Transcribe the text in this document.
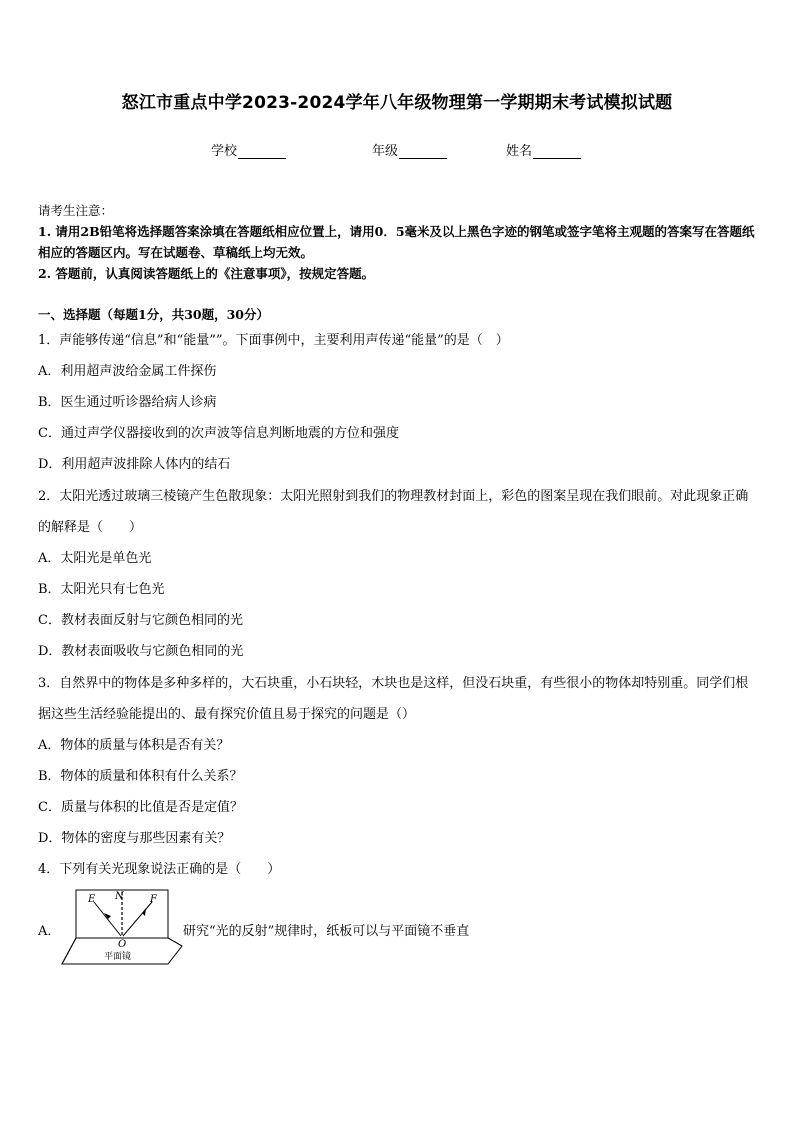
怒江市重点中学2023-2024学年八年级物理第一学期期末考试模拟试题
学校	年级	姓名
请考生注意：
1. 请用2B铅笔将选择题答案涂填在答题纸相应位置上，请用0．5毫米及以上黑色字迹的钢笔或签字笔将主观题的答案写在答题纸相应的答题区内。写在试题卷、草稿纸上均无效。
2. 答题前，认真阅读答题纸上的《注意事项》，按规定答题。
一、选择题（每题1分，共30题，30分）
1．声能够传递“信息”和“能量””。下面事例中，主要利用声传递“能量”的是（　）
A．利用超声波给金属工件探伤
B．医生通过听诊器给病人诊病
C．通过声学仪器接收到的次声波等信息判断地震的方位和强度
D．利用超声波排除人体内的结石
2．太阳光透过玻璃三棱镜产生色散现象：太阳光照射到我们的物理教材封面上，彩色的图案呈现在我们眼前。对此现象正确的解释是（　　）
A．太阳光是单色光
B．太阳光只有七色光
C．教材表面反射与它颜色相同的光
D．教材表面吸收与它颜色相同的光
3．自然界中的物体是多种多样的，大石块重，小石块轻，木块也是这样，但没石块重，有些很小的物体却特别重。同学们根据这些生活经验能提出的、最有探究价值且易于探究的问题是（）
A．物体的质量与体积是否有关？
B．物体的质量和体积有什么关系？
C．质量与体积的比值是否是定值？
D．物体的密度与那些因素有关？
4．下列有关光现象说法正确的是（　　）
A．
E N	F
O
平面镜
研究“光的反射”规律时，纸板可以与平面镜不垂直
